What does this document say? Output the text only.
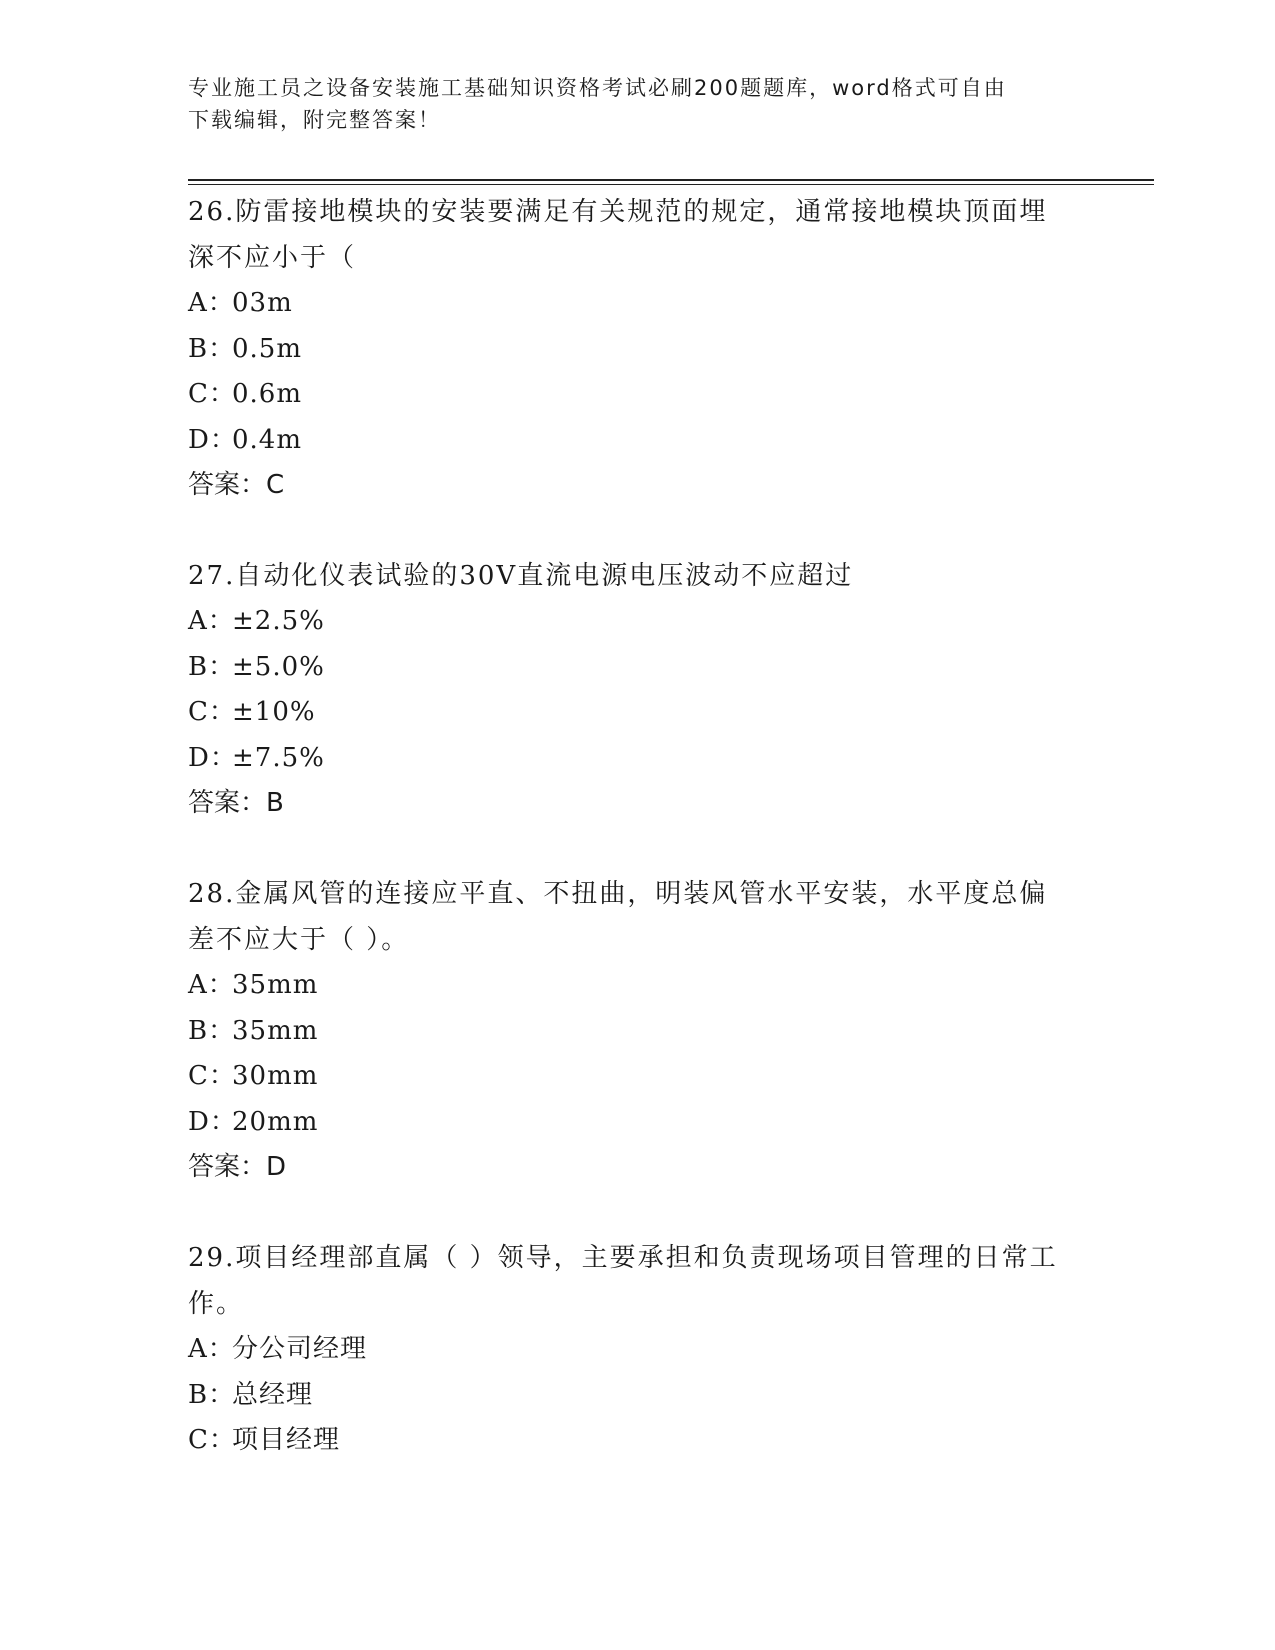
专业施工员之设备安装施工基础知识资格考试必刷200题题库，word格式可自由
下载编辑，附完整答案！

26.防雷接地模块的安装要满足有关规范的规定，通常接地模块顶面埋深不应小于（

A：03m

B：0.5m

C：0.6m

D：0.4m

答案：C

27.自动化仪表试验的30V直流电源电压波动不应超过

A：±2.5%

B：±5.0%

C：±10%

D：±7.5%

答案：B

28.金属风管的连接应平直、不扭曲，明装风管水平安装，水平度总偏差不应大于（ ）。

A：35mm

B：35mm

C：30mm

D：20mm

答案：D

29.项目经理部直属（ ）领导，主要承担和负责现场项目管理的日常工作。

A：分公司经理

B：总经理

C：项目经理
